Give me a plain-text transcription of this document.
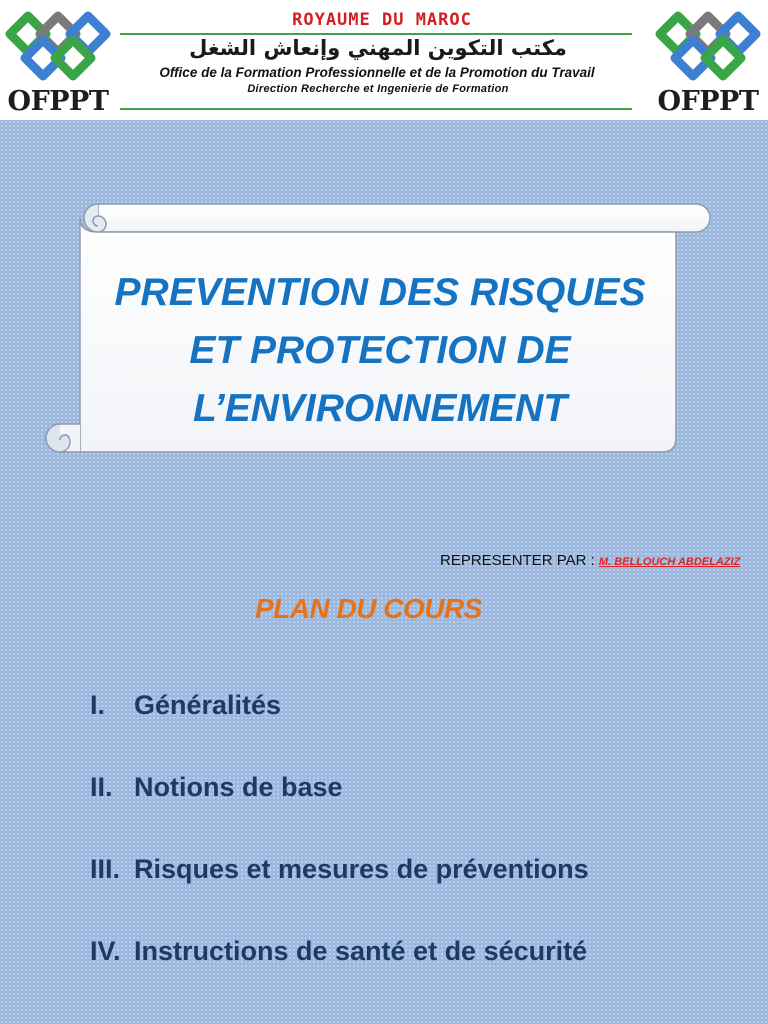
OFPPT
ROYAUME DU MAROC
مكتب التكوين المهني وإنعاش الشغل
Office de la Formation Professionnelle et de la Promotion du Travail
Direction Recherche et Ingenierie de Formation	OFPPT
PREVENTION DES RISQUES
ET PROTECTION DE
L’ENVIRONNEMENT
REPRESENTER PAR : M. BELLOUCH ABDELAZIZ
PLAN DU COURS
I. Généralités
II. Notions de base
III. Risques et mesures de préventions
IV. Instructions de santé et de sécurité
